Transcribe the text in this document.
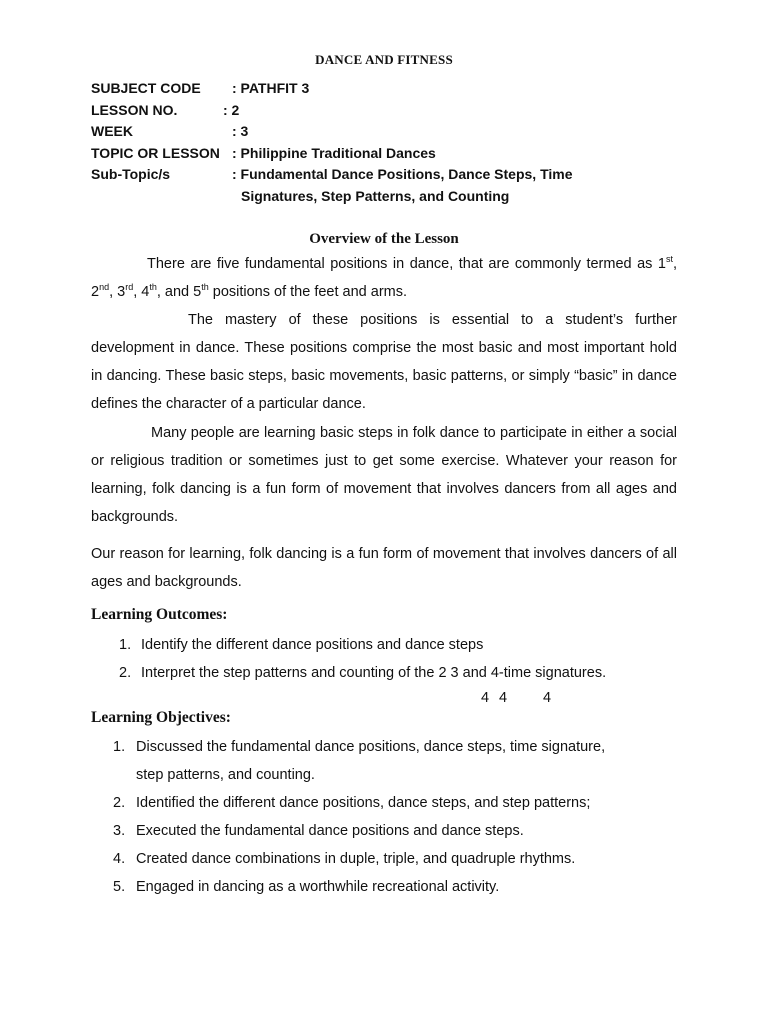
DANCE AND FITNESS
SUBJECT CODE : PATHFIT 3
LESSON NO.	: 2
WEEK	: 3
TOPIC OR LESSON : Philippine Traditional Dances
Sub-Topic/s	: Fundamental Dance Positions, Dance Steps, Time
Signatures, Step Patterns, and Counting
Overview of the Lesson

There are five fundamental positions in dance, that are commonly termed as 1st, 2nd, 3rd, 4th, and 5th positions of the feet and arms.

The mastery of these positions is essential to a student’s further development in dance. These positions comprise the most basic and most important hold in dancing. These basic steps, basic movements, basic patterns, or simply “basic” in dance defines the character of a particular dance.

Many people are learning basic steps in folk dance to participate in either a social or religious tradition or sometimes just to get some exercise. Whatever your reason for learning, folk dancing is a fun form of movement that involves dancers from all ages and backgrounds.

Our reason for learning, folk dancing is a fun form of movement that involves dancers of all ages and backgrounds.

Learning Outcomes:
1. Identify the different dance positions and dance steps
2. Interpret the step patterns and counting of the 2 3 and 4-time signatures.
4 4 4
Learning Objectives:
1. Discussed the fundamental dance positions, dance steps, time signature,
step patterns, and counting.
2. Identified the different dance positions, dance steps, and step patterns;
3. Executed the fundamental dance positions and dance steps.
4. Created dance combinations in duple, triple, and quadruple rhythms.
5. Engaged in dancing as a worthwhile recreational activity.
